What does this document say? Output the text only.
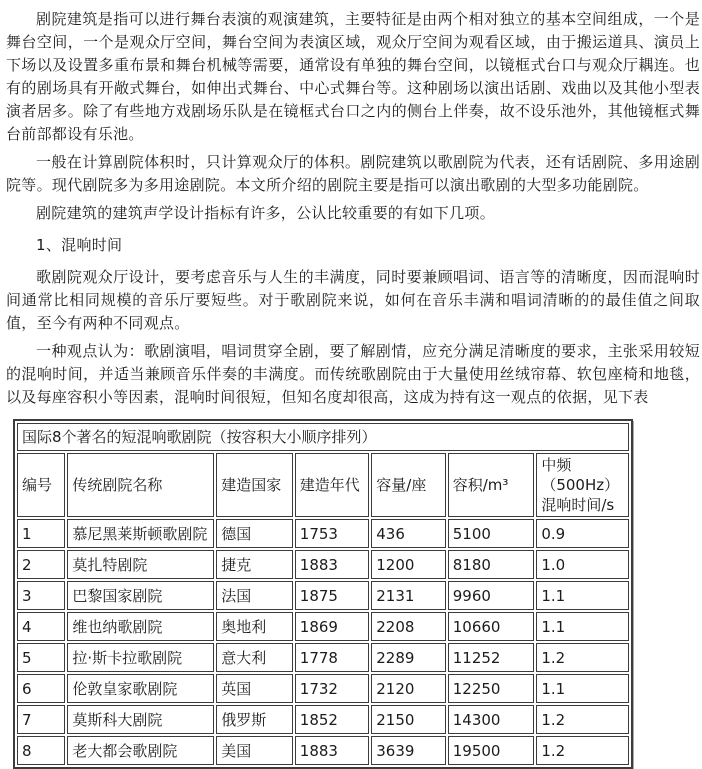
剧院建筑是指可以进行舞台表演的观演建筑，主要特征是由两个相对独立的基本空间组成，一个是舞台空间，一个是观众厅空间，舞台空间为表演区域，观众厅空间为观看区域，由于搬运道具、演员上下场以及设置多重布景和舞台机械等需要，通常设有单独的舞台空间，以镜框式台口与观众厅耦连。也有的剧场具有开敞式舞台，如伸出式舞台、中心式舞台等。这种剧场以演出话剧、戏曲以及其他小型表演者居多。除了有些地方戏剧场乐队是在镜框式台口之内的侧台上伴奏，故不设乐池外，其他镜框式舞台前部都设有乐池。

一般在计算剧院体积时，只计算观众厅的体积。剧院建筑以歌剧院为代表，还有话剧院、多用途剧院等。现代剧院多为多用途剧院。本文所介绍的剧院主要是指可以演出歌剧的大型多功能剧院。

剧院建筑的建筑声学设计指标有许多，公认比较重要的有如下几项。

1、混响时间

歌剧院观众厅设计，要考虑音乐与人生的丰满度，同时要兼顾唱词、语言等的清晰度，因而混响时间通常比相同规模的音乐厅要短些。对于歌剧院来说，如何在音乐丰满和唱词清晰的的最佳值之间取值，至今有两种不同观点。

一种观点认为：歌剧演唱，唱词贯穿全剧，要了解剧情，应充分满足清晰度的要求，主张采用较短的混响时间，并适当兼顾音乐伴奏的丰满度。而传统歌剧院由于大量使用丝绒帘幕、软包座椅和地毯，以及每座容积小等因素，混响时间很短，但知名度却很高，这成为持有这一观点的依据，见下表

国际8个著名的短混响歌剧院（按容积大小顺序排列）						
编号	传统剧院名称	建造国家	建造年代	容量/座	容积/m³	中频（500Hz）混响时间/s
1	慕尼黑莱斯顿歌剧院	德国	1753	436	5100	0.9
2	莫扎特剧院	捷克	1883	1200	8180	1.0
3	巴黎国家剧院	法国	1875	2131	9960	1.1
4	维也纳歌剧院	奥地利	1869	2208	10660	1.1
5	拉·斯卡拉歌剧院	意大利	1778	2289	11252	1.2
6	伦敦皇家歌剧院	英国	1732	2120	12250	1.1
7	莫斯科大剧院	俄罗斯	1852	2150	14300	1.2
8	老大都会歌剧院	美国	1883	3639	19500	1.2
